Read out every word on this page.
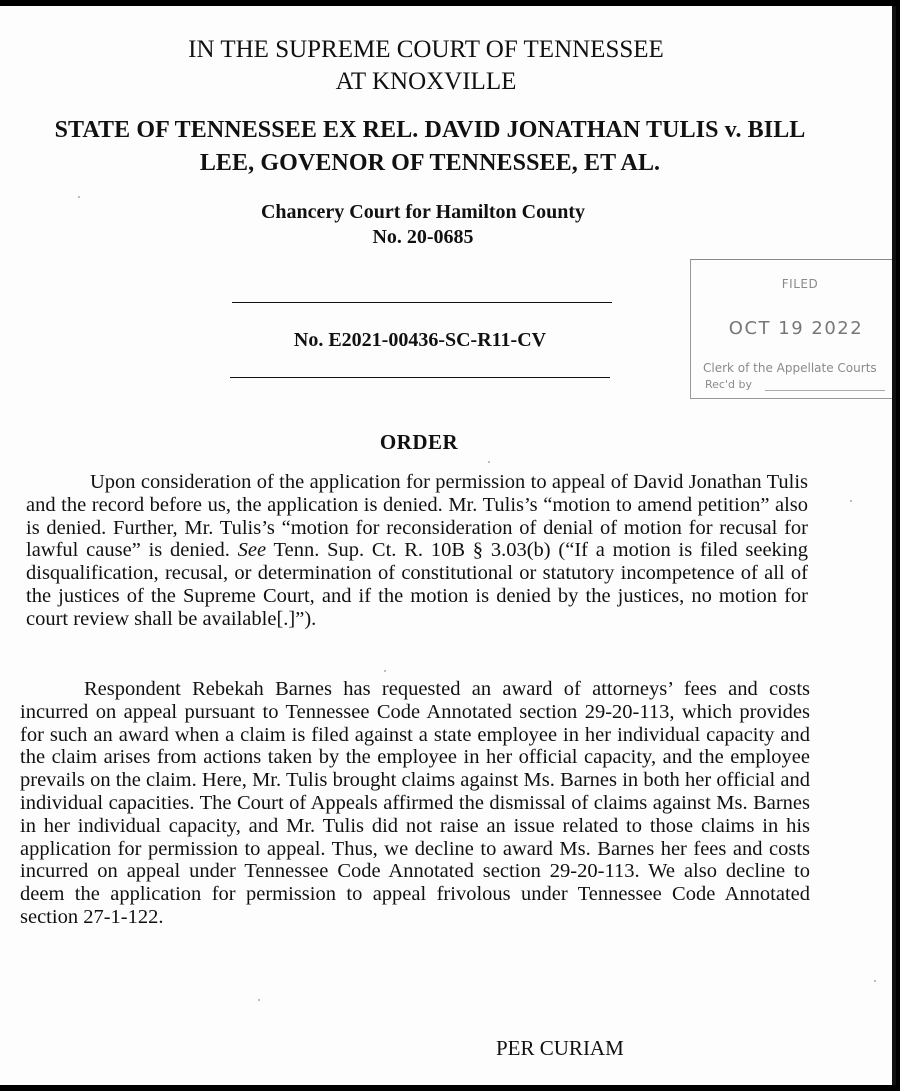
IN THE SUPREME COURT OF TENNESSEE
AT KNOXVILLE
STATE OF TENNESSEE EX REL. DAVID JONATHAN TULIS v. BILL
LEE, GOVENOR OF TENNESSEE, ET AL.
Chancery Court for Hamilton County
No. 20-0685
No. E2021-00436-SC-R11-CV
FILED
OCT 19 2022
Clerk of the Appellate Courts
Rec'd by
ORDER
Upon consideration of the application for permission to appeal of David Jonathan Tulis and the record before us, the application is denied. Mr. Tulis’s “motion to amend petition” also is denied. Further, Mr. Tulis’s “motion for reconsideration of denial of motion for recusal for lawful cause” is denied. See Tenn. Sup. Ct. R. 10B § 3.03(b) (“If a motion is filed seeking disqualification, recusal, or determination of constitutional or statutory incompetence of all of the justices of the Supreme Court, and if the motion is denied by the justices, no motion for court review shall be available[.]”).
Respondent Rebekah Barnes has requested an award of attorneys’ fees and costs incurred on appeal pursuant to Tennessee Code Annotated section 29-20-113, which provides for such an award when a claim is filed against a state employee in her individual capacity and the claim arises from actions taken by the employee in her official capacity, and the employee prevails on the claim. Here, Mr. Tulis brought claims against Ms. Barnes in both her official and individual capacities. The Court of Appeals affirmed the dismissal of claims against Ms. Barnes in her individual capacity, and Mr. Tulis did not raise an issue related to those claims in his application for permission to appeal. Thus, we decline to award Ms. Barnes her fees and costs incurred on appeal under Tennessee Code Annotated section 29-20-113. We also decline to deem the application for permission to appeal frivolous under Tennessee Code Annotated section 27-1-122.
PER CURIAM
